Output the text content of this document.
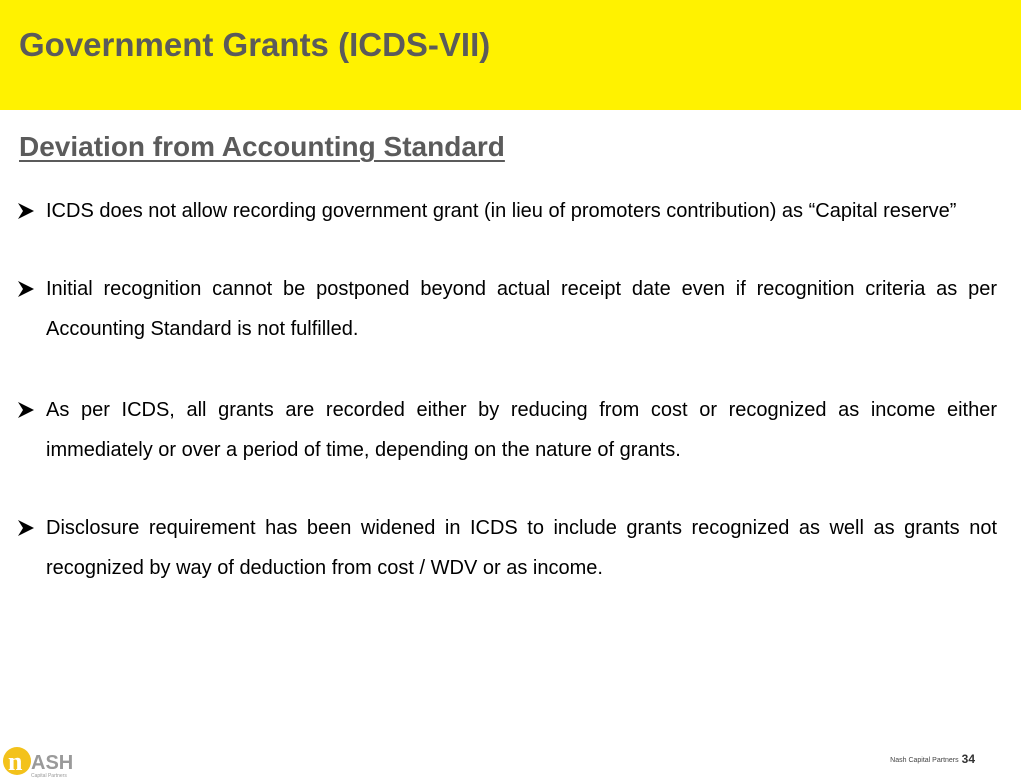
Government Grants (ICDS-VII)
Deviation from Accounting Standard
ICDS does not allow recording government grant (in lieu of promoters contribution) as “Capital reserve”
Initial recognition cannot be postponed beyond actual receipt date even if recognition criteria as per Accounting Standard is not fulfilled.
As per ICDS, all grants are recorded either by reducing from cost or recognized as income either immediately or over a period of time, depending on the nature of grants.
Disclosure requirement has been widened in ICDS to include grants recognized as well as grants not recognized by way of deduction from cost / WDV or as income.
n ASH
Capital Partners
Nash Capital Partners 34
